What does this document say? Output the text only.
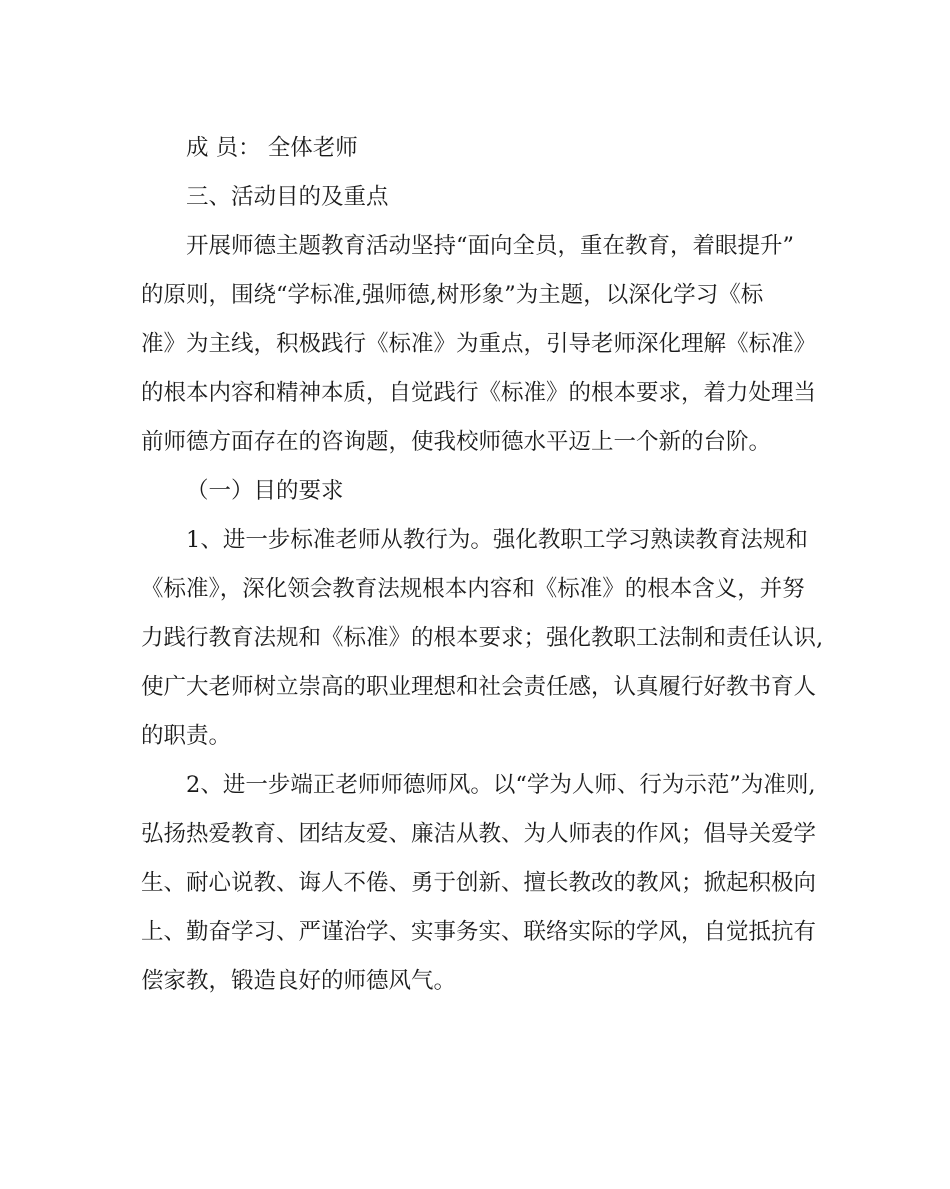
成 员： 全体老师

三、活动目的及重点

开展师德主题教育活动坚持“面向全员，重在教育，着眼提升”

的原则，围绕“学标准,强师德,树形象”为主题，以深化学习《标

准》为主线，积极践行《标准》为重点，引导老师深化理解《标准》

的根本内容和精神本质，自觉践行《标准》的根本要求，着力处理当

前师德方面存在的咨询题，使我校师德水平迈上一个新的台阶。

（一）目的要求

1、进一步标准老师从教行为。强化教职工学习熟读教育法规和

《标准》，深化领会教育法规根本内容和《标准》的根本含义，并努

力践行教育法规和《标准》的根本要求；强化教职工法制和责任认识,

使广大老师树立崇高的职业理想和社会责任感，认真履行好教书育人

的职责。

2、进一步端正老师师德师风。以“学为人师、行为示范”为准则,

弘扬热爱教育、团结友爱、廉洁从教、为人师表的作风；倡导关爱学

生、耐心说教、诲人不倦、勇于创新、擅长教改的教风；掀起积极向

上、勤奋学习、严谨治学、实事务实、联络实际的学风，自觉抵抗有

偿家教，锻造良好的师德风气。
